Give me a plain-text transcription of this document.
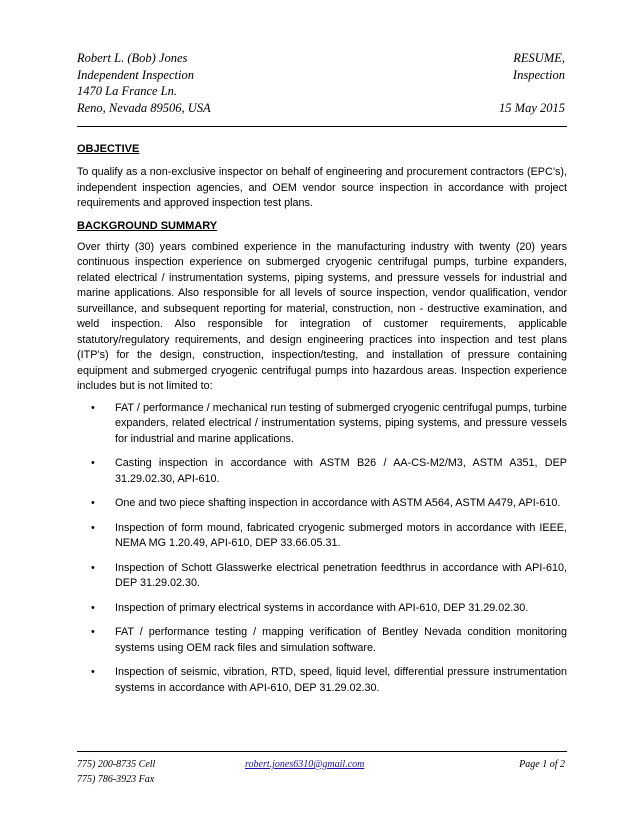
Robert L. (Bob) Jones	RESUME,
Independent Inspection	Inspection
1470 La France Ln.
Reno, Nevada 89506, USA	15 May 2015
OBJECTIVE

To qualify as a non-exclusive inspector on behalf of engineering and procurement contractors (EPC’s), independent inspection agencies, and OEM vendor source inspection in accordance with project requirements and approved inspection test plans.

BACKGROUND SUMMARY

Over thirty (30) years combined experience in the manufacturing industry with twenty (20) years continuous inspection experience on submerged cryogenic centrifugal pumps, turbine expanders, related electrical / instrumentation systems, piping systems, and pressure vessels for industrial and marine applications. Also responsible for all levels of source inspection, vendor qualification, vendor surveillance, and subsequent reporting for material, construction, non - destructive examination, and weld inspection. Also responsible for integration of customer requirements, applicable statutory/regulatory requirements, and design engineering practices into inspection and test plans (ITP’s) for the design, construction, inspection/testing, and installation of pressure containing equipment and submerged cryogenic centrifugal pumps into hazardous areas. Inspection experience includes but is not limited to:

• FAT / performance / mechanical run testing of submerged cryogenic centrifugal pumps, turbine expanders, related electrical / instrumentation systems, piping systems, and pressure vessels for industrial and marine applications.
• Casting inspection in accordance with ASTM B26 / AA-CS-M2/M3, ASTM A351, DEP 31.29.02.30, API-610.
• One and two piece shafting inspection in accordance with ASTM A564, ASTM A479, API-610.
• Inspection of form mound, fabricated cryogenic submerged motors in accordance with IEEE, NEMA MG 1.20.49, API-610, DEP 33.66.05.31.
• Inspection of Schott Glasswerke electrical penetration feedthrus in accordance with API-610, DEP 31.29.02.30.
• Inspection of primary electrical systems in accordance with API-610, DEP 31.29.02.30.
• FAT / performance testing / mapping verification of Bentley Nevada condition monitoring systems using OEM rack files and simulation software.
• Inspection of seismic, vibration, RTD, speed, liquid level, differential pressure instrumentation systems in accordance with API-610, DEP 31.29.02.30.
775) 200-8735 Cell	robert.jones6310@gmail.com	Page 1 of 2
775) 786-3923 Fax
